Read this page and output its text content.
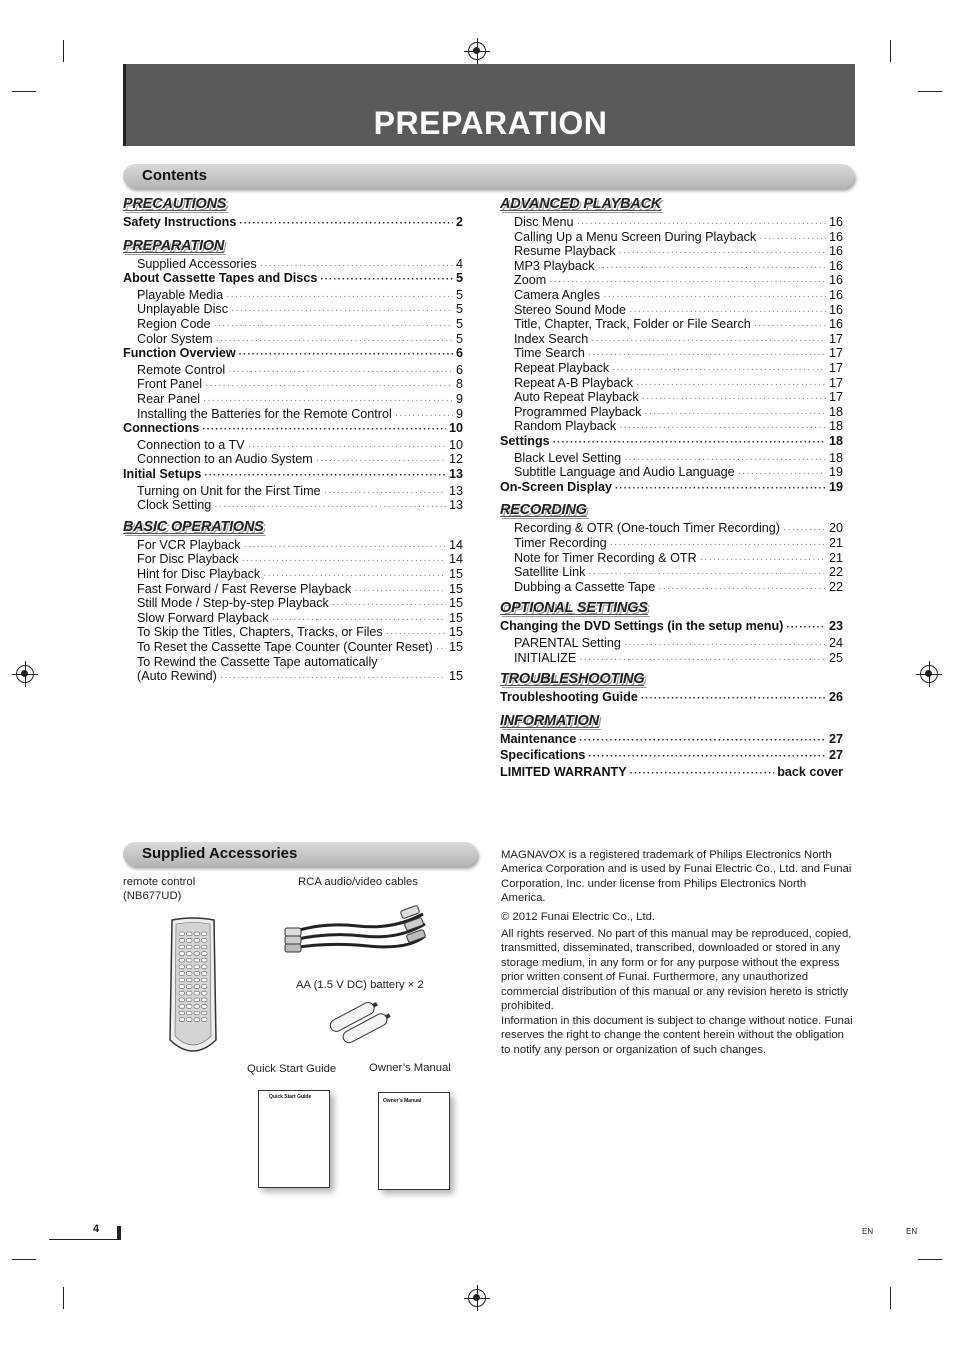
PREPARATION
Contents
PRECAUTIONS
Safety Instructions ·····	2
PREPARATION
Supplied Accessories ·····	4
About Cassette Tapes and Discs ·····	5
Playable Media ·····	5
Unplayable Disc ·····	5
Region Code ·····	5
Color System ·····	5
Function Overview ·····	6
Remote Control ·····	6
Front Panel ·····	8
Rear Panel ·····	9
Installing the Batteries for the Remote Control ·····	9
Connections ·····	10
Connection to a TV ·····	10
Connection to an Audio System ·····	12
Initial Setups ·····	13
Turning on Unit for the First Time ·····	13
Clock Setting ·····	13
BASIC OPERATIONS
For VCR Playback ·····	14
For Disc Playback ·····	14
Hint for Disc Playback ·····	15
Fast Forward / Fast Reverse Playback ·····	15
Still Mode / Step-by-step Playback ·····	15
Slow Forward Playback ·····	15
To Skip the Titles, Chapters, Tracks, or Files ·····	15
To Reset the Cassette Tape Counter (Counter Reset) ····· 15
To Rewind the Cassette Tape automatically
(Auto Rewind) ·····	15
ADVANCED PLAYBACK
Disc Menu ·····	16
Calling Up a Menu Screen During Playback ·····	16
Resume Playback ·····	16
MP3 Playback ·····	16
Zoom ·····	16
Camera Angles ·····	16
Stereo Sound Mode ·····	16
Title, Chapter, Track, Folder or File Search ·····	16
Index Search ·····	17
Time Search ·····	17
Repeat Playback ·····	17
Repeat A-B Playback ·····	17
Auto Repeat Playback ·····	17
Programmed Playback ·····	18
Random Playback ·····	18
Settings ·····	18
Black Level Setting ·····	18
Subtitle Language and Audio Language ·····	19
On-Screen Display ·····	19
RECORDING
Recording & OTR (One-touch Timer Recording) ·····	20
Timer Recording ·····	21
Note for Timer Recording & OTR ·····	21
Satellite Link ·····	22
Dubbing a Cassette Tape ·····	22
OPTIONAL SETTINGS
Changing the DVD Settings (in the setup menu) ·····	23
PARENTAL Setting ·····	24
INITIALIZE ·····	25
TROUBLESHOOTING
Troubleshooting Guide ·····	26
INFORMATION
Maintenance ·····	27
Specifications ·····	27
LIMITED WARRANTY ·····	back cover
Supplied Accessories
remote control
(NB677UD)
RCA audio/video cables
AA (1.5 V DC) battery × 2
Quick Start Guide	Owner’s Manual
Quick Start Guide
Owner’s Manual
MAGNAVOX is a registered trademark of Philips Electronics North America Corporation and is used by Funai Electric Co., Ltd. and Funai Corporation, Inc. under license from Philips Electronics North America.
© 2012 Funai Electric Co., Ltd.
All rights reserved. No part of this manual may be reproduced, copied, transmitted, disseminated, transcribed, downloaded or stored in any storage medium, in any form or for any purpose without the express prior written consent of Funai. Furthermore, any unauthorized commercial distribution of this manual or any revision hereto is strictly prohibited.
Information in this document is subject to change without notice. Funai reserves the right to change the content herein without the obligation to notify any person or organization of such changes.
4	EN	EN
